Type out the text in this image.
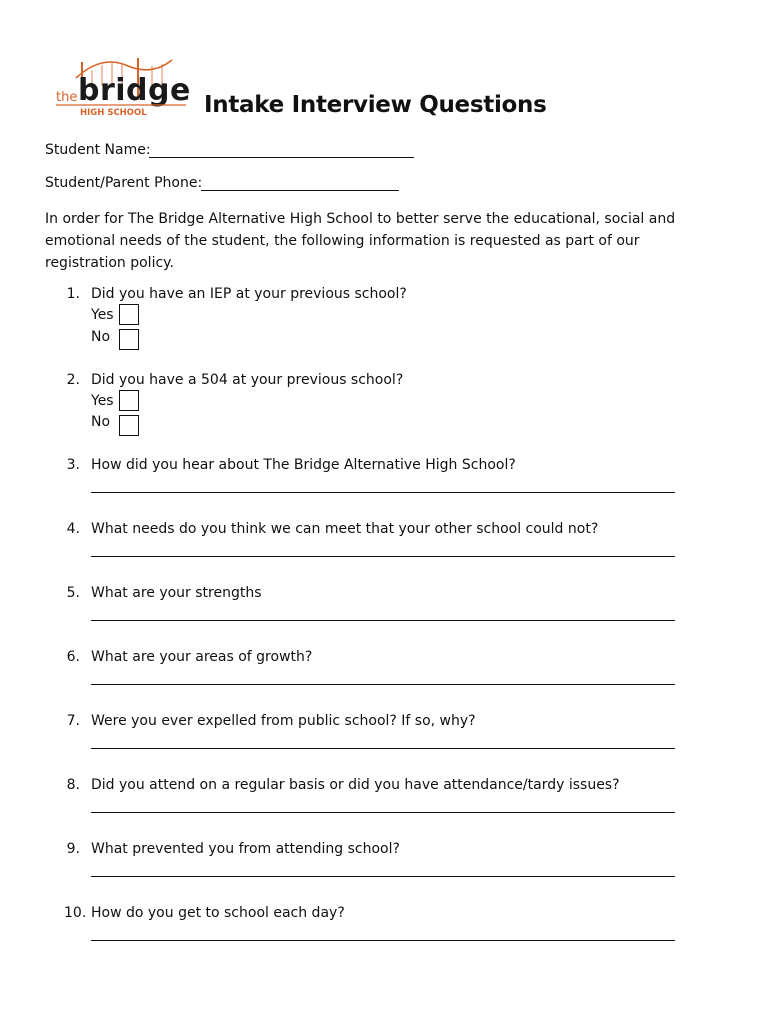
the bridge
HIGH SCHOOL Intake Interview Questions
Student Name:
Student/Parent Phone:
In order for The Bridge Alternative High School to better serve the educational, social and emotional needs of the student, the following information is requested as part of our registration policy.
1. Did you have an IEP at your previous school?
Yes
No
2. Did you have a 504 at your previous school?
Yes
No
3. How did you hear about The Bridge Alternative High School?
4. What needs do you think we can meet that your other school could not?
5. What are your strengths
6. What are your areas of growth?
7. Were you ever expelled from public school? If so, why?
8. Did you attend on a regular basis or did you have attendance/tardy issues?
9. What prevented you from attending school?
10. How do you get to school each day?
